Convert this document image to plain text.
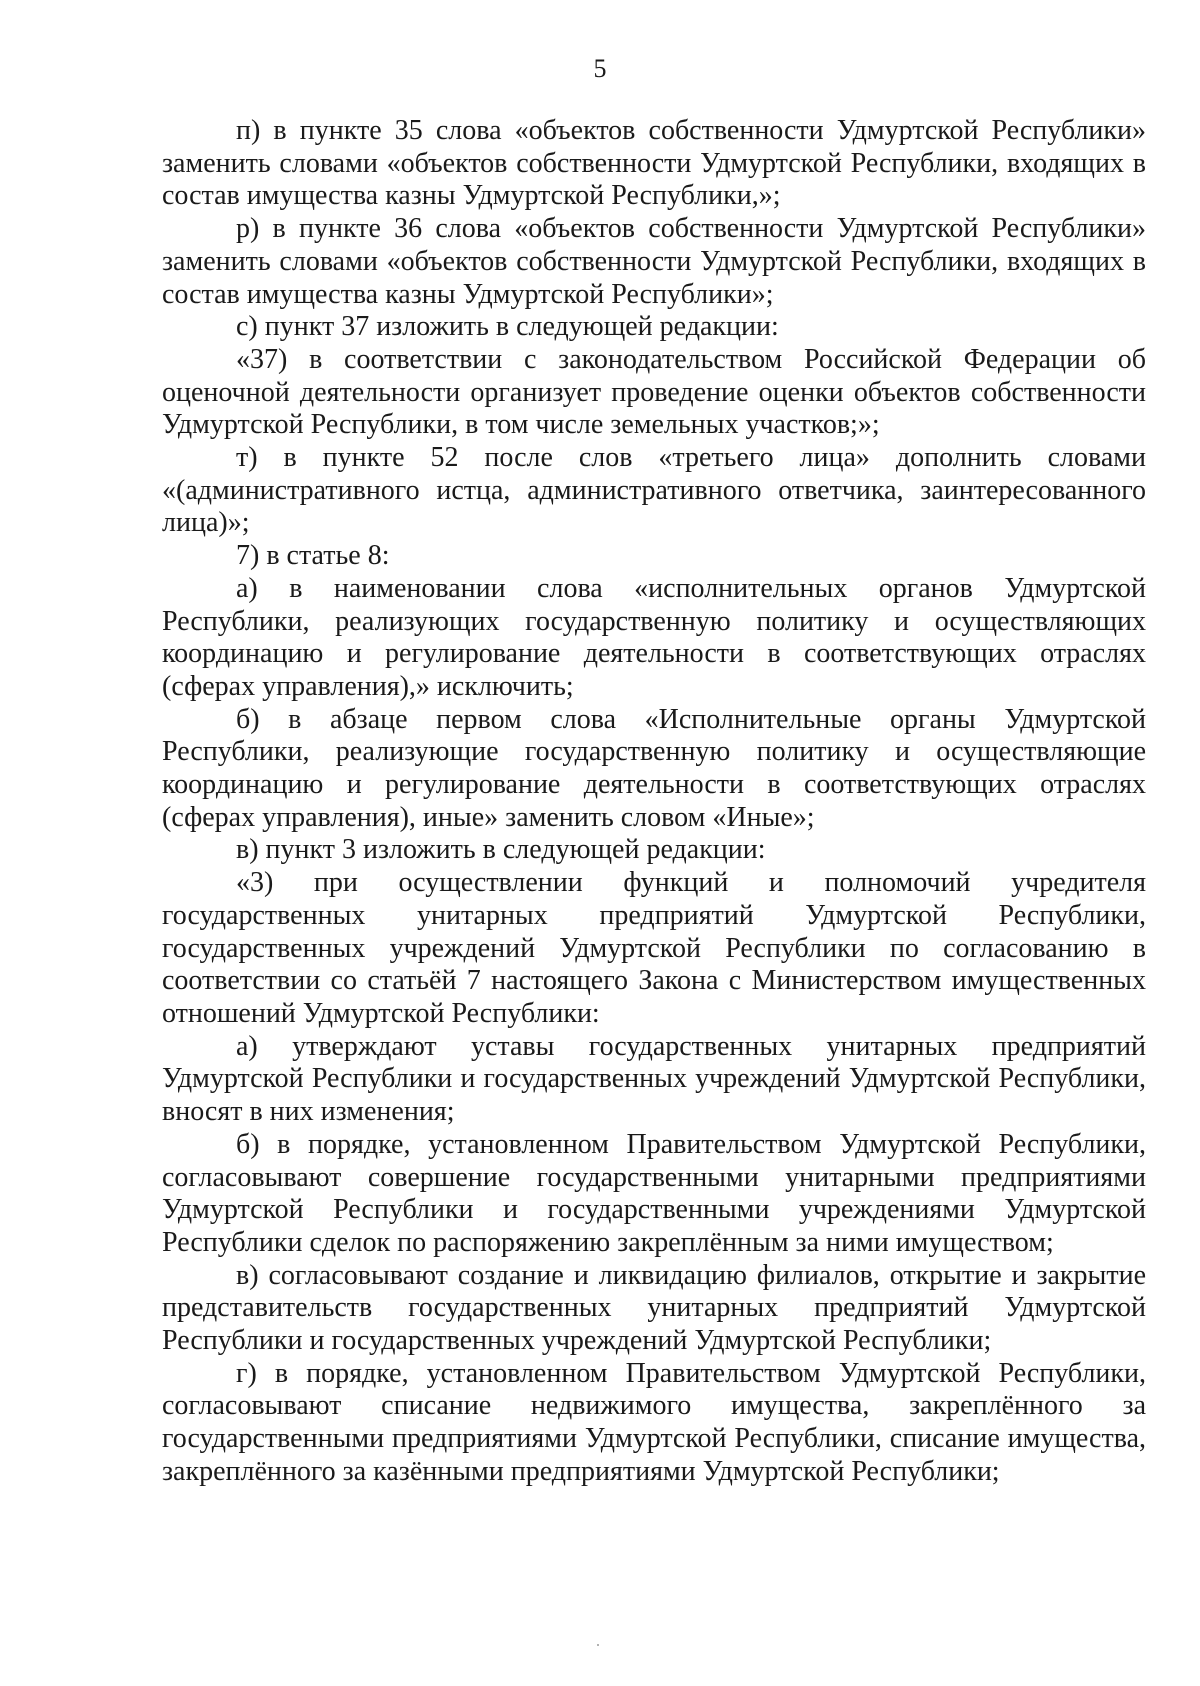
5

п) в пункте 35 слова «объектов собственности Удмуртской Республики» заменить словами «объектов собственности Удмуртской Республики, входящих в состав имущества казны Удмуртской Республики,»;

р) в пункте 36 слова «объектов собственности Удмуртской Республики» заменить словами «объектов собственности Удмуртской Республики, входящих в состав имущества казны Удмуртской Республики»;

с) пункт 37 изложить в следующей редакции:

«37) в соответствии с законодательством Российской Федерации об оценочной деятельности организует проведение оценки объектов собственности Удмуртской Республики, в том числе земельных участков;»;

т) в пункте 52 после слов «третьего лица» дополнить словами «(административного истца, административного ответчика, заинтересованного лица)»;

7) в статье 8:

а) в наименовании слова «исполнительных органов Удмуртской Республики, реализующих государственную политику и осуществляющих координацию и регулирование деятельности в соответствующих отраслях (сферах управления),» исключить;

б) в абзаце первом слова «Исполнительные органы Удмуртской Республики, реализующие государственную политику и осуществляющие координацию и регулирование деятельности в соответствующих отраслях (сферах управления), иные» заменить словом «Иные»;

в) пункт 3 изложить в следующей редакции:

«3) при осуществлении функций и полномочий учредителя государственных унитарных предприятий Удмуртской Республики, государственных учреждений Удмуртской Республики по согласованию в соответствии со статьёй 7 настоящего Закона с Министерством имущественных отношений Удмуртской Республики:

а) утверждают уставы государственных унитарных предприятий Удмуртской Республики и государственных учреждений Удмуртской Республики, вносят в них изменения;

б) в порядке, установленном Правительством Удмуртской Республики, согласовывают совершение государственными унитарными предприятиями Удмуртской Республики и государственными учреждениями Удмуртской Республики сделок по распоряжению закреплённым за ними имуществом;

в) согласовывают создание и ликвидацию филиалов, открытие и закрытие представительств государственных унитарных предприятий Удмуртской Республики и государственных учреждений Удмуртской Республики;

г) в порядке, установленном Правительством Удмуртской Республики, согласовывают списание недвижимого имущества, закреплённого за государственными предприятиями Удмуртской Республики, списание имущества, закреплённого за казёнными предприятиями Удмуртской Республики;
